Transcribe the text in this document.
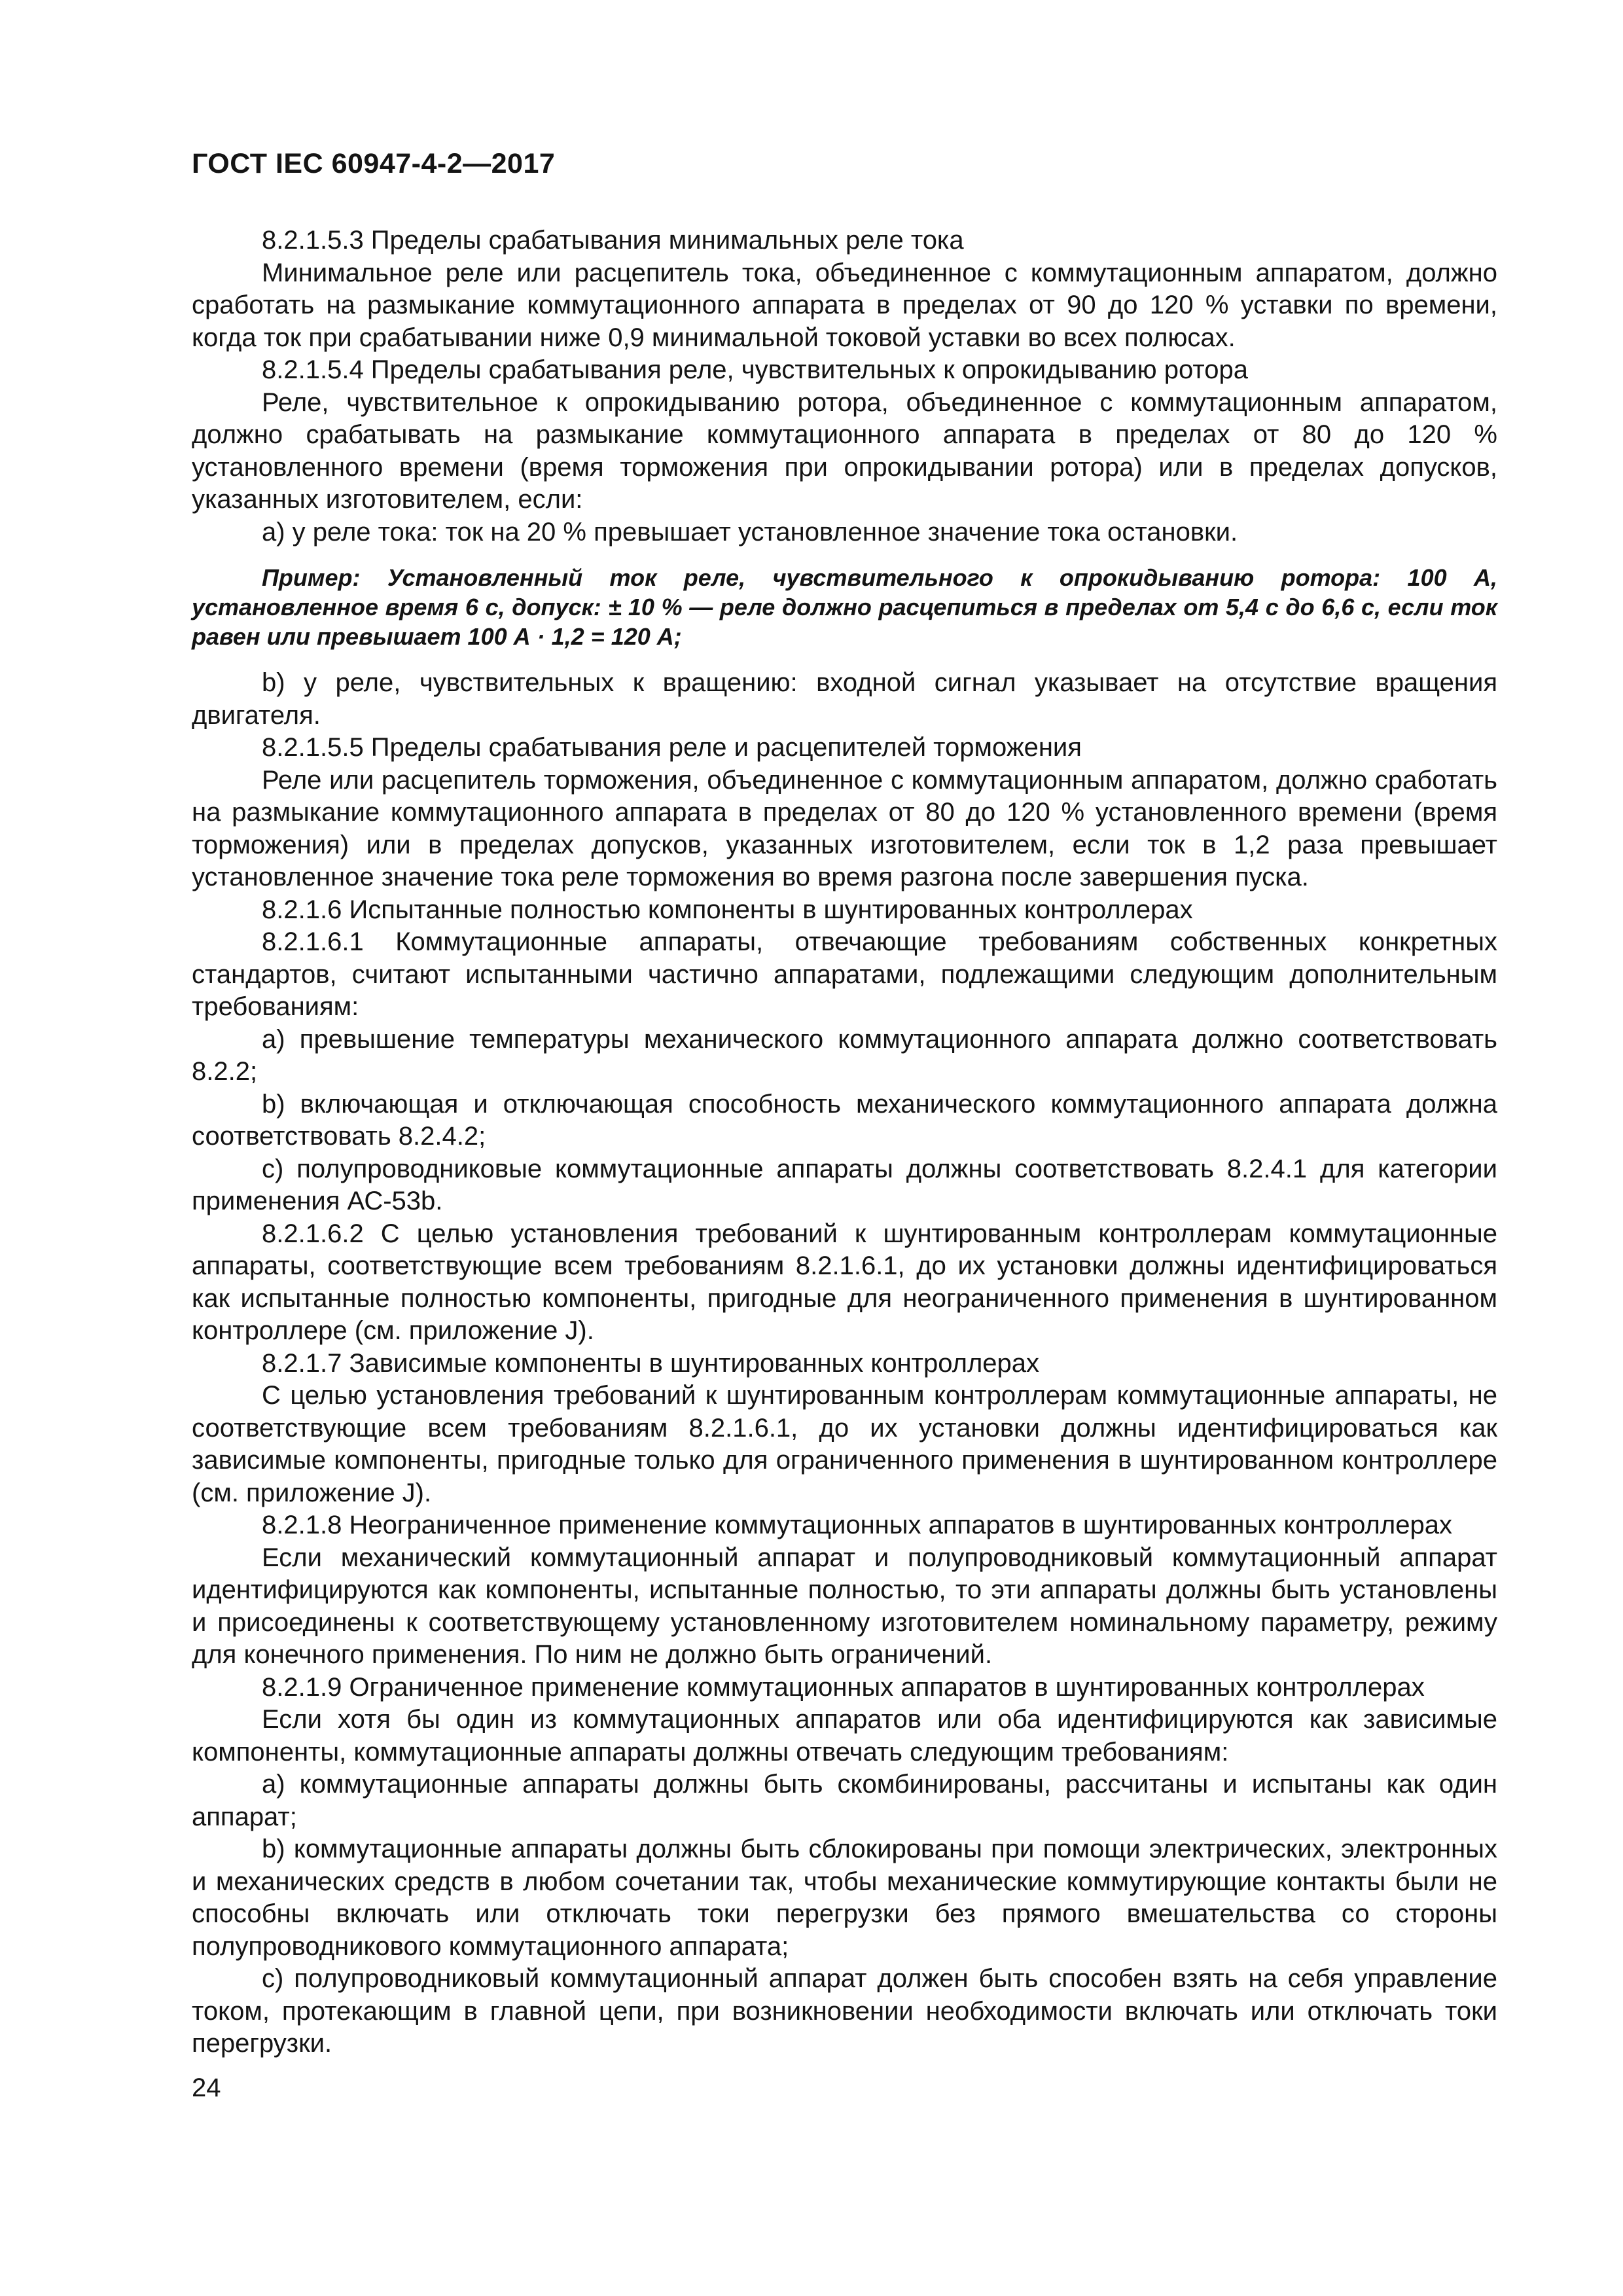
ГОСТ IEC 60947-4-2—2017

8.2.1.5.3 Пределы срабатывания минимальных реле тока

Минимальное реле или расцепитель тока, объединенное с коммутационным аппаратом, должно сработать на размыкание коммутационного аппарата в пределах от 90 до 120 % уставки по времени, когда ток при срабатывании ниже 0,9 минимальной токовой уставки во всех полюсах.

8.2.1.5.4 Пределы срабатывания реле, чувствительных к опрокидыванию ротора

Реле, чувствительное к опрокидыванию ротора, объединенное с коммутационным аппаратом, должно срабатывать на размыкание коммутационного аппарата в пределах от 80 до 120 % установленного времени (время торможения при опрокидывании ротора) или в пределах допусков, указанных изготовителем, если:

а) у реле тока: ток на 20 % превышает установленное значение тока остановки.

Пример: Установленный ток реле, чувствительного к опрокидыванию ротора: 100 А, установленное время 6 с, допуск: ± 10 % — реле должно расцепиться в пределах от 5,4 с до 6,6 с, если ток равен или превышает 100 А · 1,2 = 120 А;

b) у реле, чувствительных к вращению: входной сигнал указывает на отсутствие вращения двигателя.

8.2.1.5.5 Пределы срабатывания реле и расцепителей торможения

Реле или расцепитель торможения, объединенное с коммутационным аппаратом, должно сработать на размыкание коммутационного аппарата в пределах от 80 до 120 % установленного времени (время торможения) или в пределах допусков, указанных изготовителем, если ток в 1,2 раза превышает установленное значение тока реле торможения во время разгона после завершения пуска.

8.2.1.6 Испытанные полностью компоненты в шунтированных контроллерах

8.2.1.6.1 Коммутационные аппараты, отвечающие требованиям собственных конкретных стандартов, считают испытанными частично аппаратами, подлежащими следующим дополнительным требованиям:

a) превышение температуры механического коммутационного аппарата должно соответствовать 8.2.2;

b) включающая и отключающая способность механического коммутационного аппарата должна соответствовать 8.2.4.2;

c) полупроводниковые коммутационные аппараты должны соответствовать 8.2.4.1 для категории применения АС-53b.

8.2.1.6.2 С целью установления требований к шунтированным контроллерам коммутационные аппараты, соответствующие всем требованиям 8.2.1.6.1, до их установки должны идентифицироваться как испытанные полностью компоненты, пригодные для неограниченного применения в шунтированном контроллере (см. приложение J).

8.2.1.7 Зависимые компоненты в шунтированных контроллерах

С целью установления требований к шунтированным контроллерам коммутационные аппараты, не соответствующие всем требованиям 8.2.1.6.1, до их установки должны идентифицироваться как зависимые компоненты, пригодные только для ограниченного применения в шунтированном контроллере (см. приложение J).

8.2.1.8 Неограниченное применение коммутационных аппаратов в шунтированных контроллерах

Если механический коммутационный аппарат и полупроводниковый коммутационный аппарат идентифицируются как компоненты, испытанные полностью, то эти аппараты должны быть установлены и присоединены к соответствующему установленному изготовителем номинальному параметру, режиму для конечного применения. По ним не должно быть ограничений.

8.2.1.9 Ограниченное применение коммутационных аппаратов в шунтированных контроллерах

Если хотя бы один из коммутационных аппаратов или оба идентифицируются как зависимые компоненты, коммутационные аппараты должны отвечать следующим требованиям:

a) коммутационные аппараты должны быть скомбинированы, рассчитаны и испытаны как один аппарат;

b) коммутационные аппараты должны быть сблокированы при помощи электрических, электронных и механических средств в любом сочетании так, чтобы механические коммутирующие контакты были не способны включать или отключать токи перегрузки без прямого вмешательства со стороны полупроводникового коммутационного аппарата;

c) полупроводниковый коммутационный аппарат должен быть способен взять на себя управление током, протекающим в главной цепи, при возникновении необходимости включать или отключать токи перегрузки.

24
